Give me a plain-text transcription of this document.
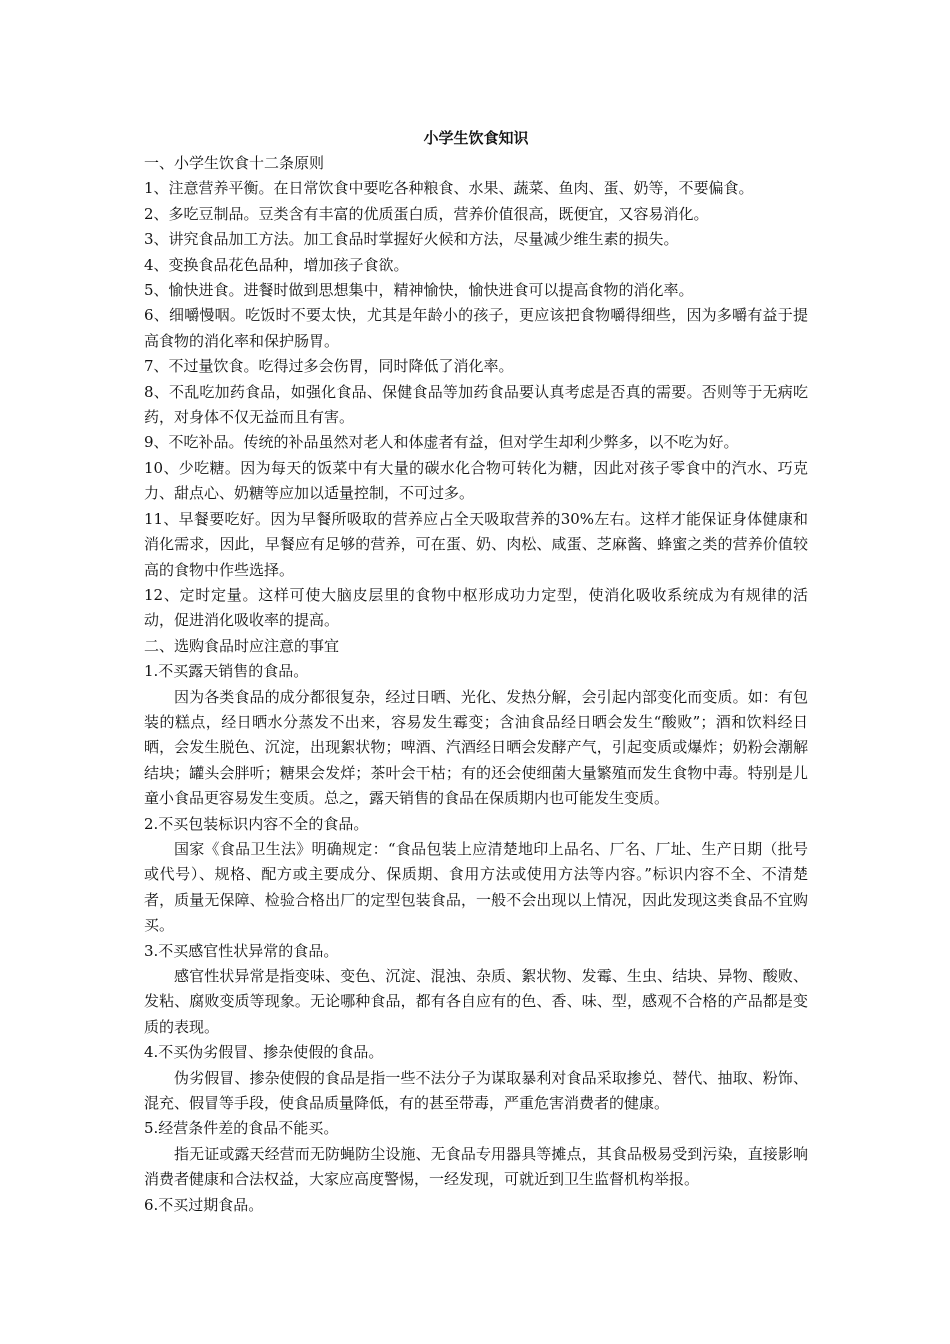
小学生饮食知识

一、小学生饮食十二条原则

1、注意营养平衡。在日常饮食中要吃各种粮食、水果、蔬菜、鱼肉、蛋、奶等，不要偏食。

2、多吃豆制品。豆类含有丰富的优质蛋白质，营养价值很高，既便宜，又容易消化。

3、讲究食品加工方法。加工食品时掌握好火候和方法，尽量减少维生素的损失。

4、变换食品花色品种，增加孩子食欲。

5、愉快进食。进餐时做到思想集中，精神愉快，愉快进食可以提高食物的消化率。

6、细嚼慢咽。吃饭时不要太快，尤其是年龄小的孩子，更应该把食物嚼得细些，因为多嚼有益于提高食物的消化率和保护肠胃。

7、不过量饮食。吃得过多会伤胃，同时降低了消化率。

8、不乱吃加药食品，如强化食品、保健食品等加药食品要认真考虑是否真的需要。否则等于无病吃药，对身体不仅无益而且有害。

9、不吃补品。传统的补品虽然对老人和体虚者有益，但对学生却利少弊多，以不吃为好。

10、少吃糖。因为每天的饭菜中有大量的碳水化合物可转化为糖，因此对孩子零食中的汽水、巧克力、甜点心、奶糖等应加以适量控制，不可过多。

11、早餐要吃好。因为早餐所吸取的营养应占全天吸取营养的30%左右。这样才能保证身体健康和消化需求，因此，早餐应有足够的营养，可在蛋、奶、肉松、咸蛋、芝麻酱、蜂蜜之类的营养价值较高的食物中作些选择。

12、定时定量。这样可使大脑皮层里的食物中枢形成功力定型，使消化吸收系统成为有规律的活动，促进消化吸收率的提高。

二、选购食品时应注意的事宜

1.不买露天销售的食品。

因为各类食品的成分都很复杂，经过日晒、光化、发热分解，会引起内部变化而变质。如：有包装的糕点，经日晒水分蒸发不出来，容易发生霉变；含油食品经日晒会发生“酸败”；酒和饮料经日晒，会发生脱色、沉淀，出现絮状物；啤酒、汽酒经日晒会发酵产气，引起变质或爆炸；奶粉会潮解结块；罐头会胖听；糖果会发烊；茶叶会干枯；有的还会使细菌大量繁殖而发生食物中毒。特别是儿童小食品更容易发生变质。总之，露天销售的食品在保质期内也可能发生变质。

2.不买包装标识内容不全的食品。

国家《食品卫生法》明确规定：“食品包装上应清楚地印上品名、厂名、厂址、生产日期（批号或代号）、规格、配方或主要成分、保质期、食用方法或使用方法等内容。”标识内容不全、不清楚者，质量无保障、检验合格出厂的定型包装食品，一般不会出现以上情况，因此发现这类食品不宜购买。

3.不买感官性状异常的食品。

感官性状异常是指变味、变色、沉淀、混浊、杂质、絮状物、发霉、生虫、结块、异物、酸败、发粘、腐败变质等现象。无论哪种食品，都有各自应有的色、香、味、型，感观不合格的产品都是变质的表现。

4.不买伪劣假冒、掺杂使假的食品。

伪劣假冒、掺杂使假的食品是指一些不法分子为谋取暴利对食品采取掺兑、替代、抽取、粉饰、混充、假冒等手段，使食品质量降低，有的甚至带毒，严重危害消费者的健康。

5.经营条件差的食品不能买。

指无证或露天经营而无防蝇防尘设施、无食品专用器具等摊点，其食品极易受到污染，直接影响消费者健康和合法权益，大家应高度警惕，一经发现，可就近到卫生监督机构举报。

6.不买过期食品。
